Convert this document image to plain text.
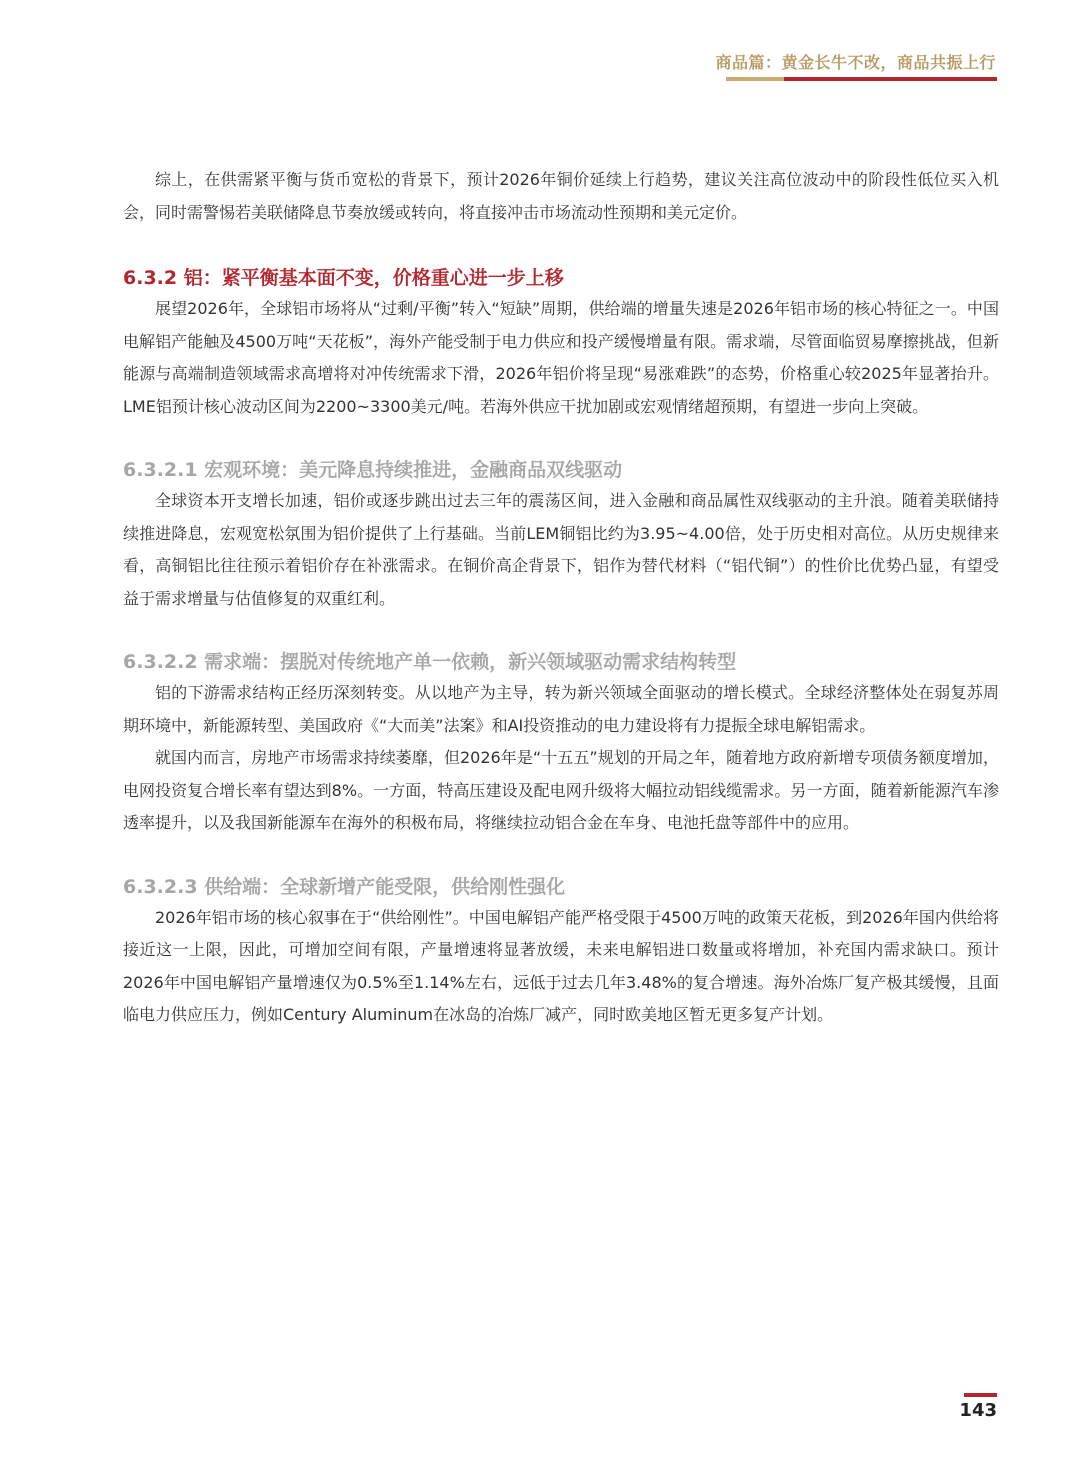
商品篇：黄金长牛不改，商品共振上行

综上，在供需紧平衡与货币宽松的背景下，预计2026年铜价延续上行趋势，建议关注高位波动中的阶段性低位买入机会，同时需警惕若美联储降息节奏放缓或转向，将直接冲击市场流动性预期和美元定价。

6.3.2 铝：紧平衡基本面不变，价格重心进一步上移

展望2026年，全球铝市场将从“过剩/平衡”转入“短缺”周期，供给端的增量失速是2026年铝市场的核心特征之一。中国电解铝产能触及4500万吨“天花板”，海外产能受制于电力供应和投产缓慢增量有限。需求端，尽管面临贸易摩擦挑战，但新能源与高端制造领域需求高增将对冲传统需求下滑，2026年铝价将呈现“易涨难跌”的态势，价格重心较2025年显著抬升。LME铝预计核心波动区间为2200~3300美元/吨。若海外供应干扰加剧或宏观情绪超预期，有望进一步向上突破。

6.3.2.1 宏观环境：美元降息持续推进，金融商品双线驱动

全球资本开支增长加速，铝价或逐步跳出过去三年的震荡区间，进入金融和商品属性双线驱动的主升浪。随着美联储持续推进降息，宏观宽松氛围为铝价提供了上行基础。当前LEM铜铝比约为3.95~4.00倍，处于历史相对高位。从历史规律来看，高铜铝比往往预示着铝价存在补涨需求。在铜价高企背景下，铝作为替代材料（“铝代铜”）的性价比优势凸显，有望受益于需求增量与估值修复的双重红利。

6.3.2.2 需求端：摆脱对传统地产单一依赖，新兴领域驱动需求结构转型

铝的下游需求结构正经历深刻转变。从以地产为主导，转为新兴领域全面驱动的增长模式。全球经济整体处在弱复苏周期环境中，新能源转型、美国政府《“大而美”法案》和AI投资推动的电力建设将有力提振全球电解铝需求。

就国内而言，房地产市场需求持续萎靡，但2026年是“十五五”规划的开局之年，随着地方政府新增专项债务额度增加，电网投资复合增长率有望达到8%。一方面，特高压建设及配电网升级将大幅拉动铝线缆需求。另一方面，随着新能源汽车渗透率提升，以及我国新能源车在海外的积极布局，将继续拉动铝合金在车身、电池托盘等部件中的应用。

6.3.2.3 供给端：全球新增产能受限，供给刚性强化

2026年铝市场的核心叙事在于“供给刚性”。中国电解铝产能严格受限于4500万吨的政策天花板，到2026年国内供给将接近这一上限，因此，可增加空间有限，产量增速将显著放缓，未来电解铝进口数量或将增加，补充国内需求缺口。预计2026年中国电解铝产量增速仅为0.5%至1.14%左右，远低于过去几年3.48%的复合增速。海外冶炼厂复产极其缓慢，且面临电力供应压力，例如Century Aluminum在冰岛的冶炼厂减产，同时欧美地区暂无更多复产计划。

143
